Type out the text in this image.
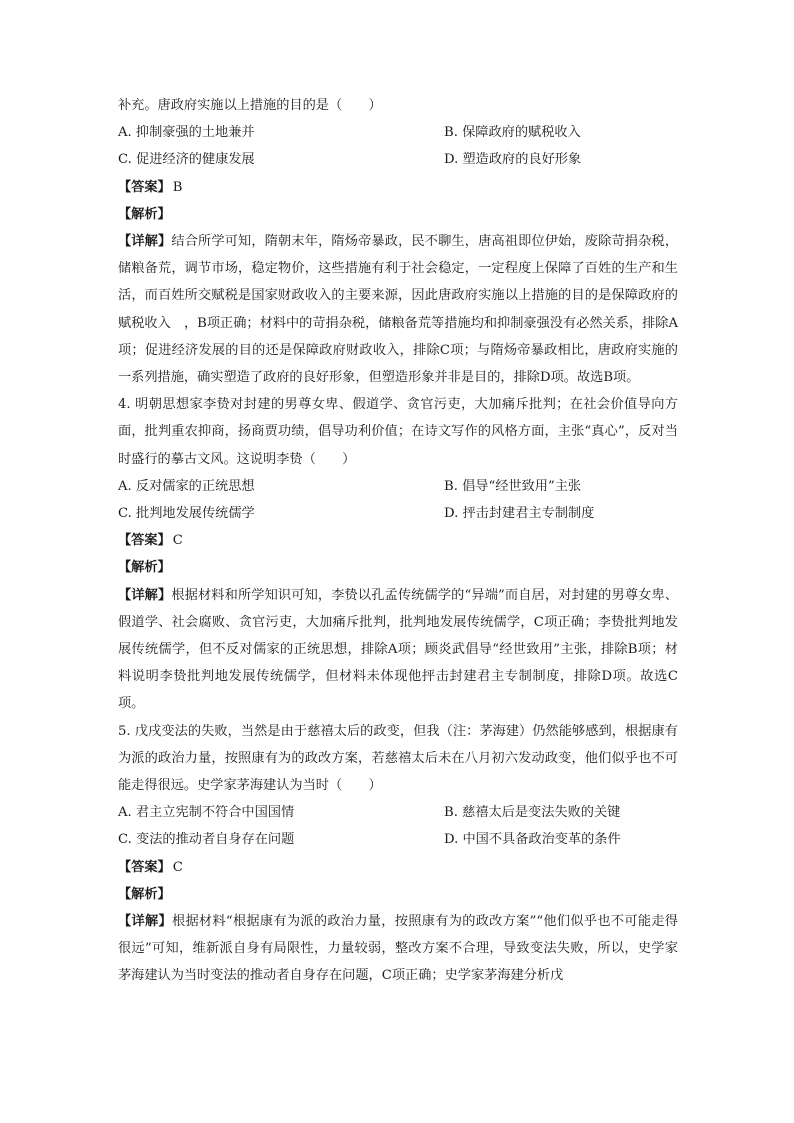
补充。唐政府实施以上措施的目的是（　　）
A. 抑制豪强的土地兼并	B. 保障政府的赋税收入
C. 促进经济的健康发展	D. 塑造政府的良好形象
【答案】 B
【解析】
【详解】结合所学可知，隋朝末年，隋炀帝暴政，民不聊生，唐高祖即位伊始，废除苛捐杂税，储粮备荒，调节市场，稳定物价，这些措施有利于社会稳定，一定程度上保障了百姓的生产和生活，而百姓所交赋税是国家财政收入的主要来源，因此唐政府实施以上措施的目的是保障政府的赋税收入　，B项正确；材料中的苛捐杂税，储粮备荒等措施均和抑制豪强没有必然关系，排除A项；促进经济发展的目的还是保障政府财政收入，排除C项；与隋炀帝暴政相比，唐政府实施的一系列措施，确实塑造了政府的良好形象，但塑造形象并非是目的，排除D项。故选B项。
4. 明朝思想家李贽对封建的男尊女卑、假道学、贪官污吏，大加痛斥批判；在社会价值导向方面，批判重农抑商，扬商贾功绩，倡导功利价值；在诗文写作的风格方面，主张“真心”，反对当时盛行的摹古文风。这说明李贽（　　）
A. 反对儒家的正统思想	B. 倡导“经世致用”主张
C. 批判地发展传统儒学	D. 抨击封建君主专制制度
【答案】 C
【解析】
【详解】根据材料和所学知识可知，李贽以孔孟传统儒学的“异端”而自居，对封建的男尊女卑、假道学、社会腐败、贪官污吏，大加痛斥批判，批判地发展传统儒学，C项正确；李贽批判地发展传统儒学，但不反对儒家的正统思想，排除A项；顾炎武倡导“经世致用”主张，排除B项；材料说明李贽批判地发展传统儒学，但材料未体现他抨击封建君主专制制度，排除D项。故选C项。
5. 戊戌变法的失败，当然是由于慈禧太后的政变，但我（注：茅海建）仍然能够感到，根据康有为派的政治力量，按照康有为的政改方案，若慈禧太后未在八月初六发动政变，他们似乎也不可能走得很远。史学家茅海建认为当时（　　）
A. 君主立宪制不符合中国国情	B. 慈禧太后是变法失败的关键
C. 变法的推动者自身存在问题	D. 中国不具备政治变革的条件
【答案】 C
【解析】
【详解】根据材料“根据康有为派的政治力量，按照康有为的政改方案”“他们似乎也不可能走得很远”可知，维新派自身有局限性，力量较弱，整改方案不合理，导致变法失败，所以，史学家茅海建认为当时变法的推动者自身存在问题，C项正确；史学家茅海建分析戊
